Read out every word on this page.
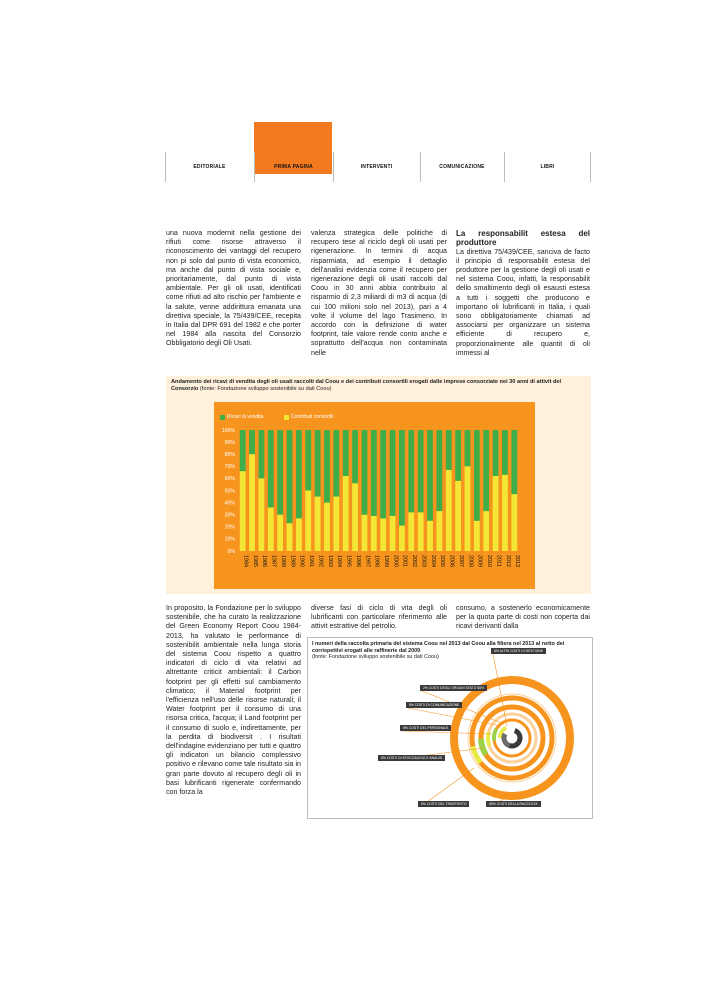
EDITORIALE	PRIMA PAGINA	INTERVENTI	COMUNICAZIONE	LIBRI

una nuova modernit nella gestione dei rifiuti come risorse attraverso il riconoscimento dei vantaggi del recupero non pi solo dal punto di vista economico, ma anche dal punto di vista sociale e, prioritariamente, dal punto di vista ambientale. Per gli oli usati, identificati come rifiuti ad alto rischio per l'ambiente e la salute, venne addirittura emanata una direttiva speciale, la 75/439/CEE, recepita in Italia dal DPR 691 del 1982 e che porter nel 1984 alla nascita del Consorzio Obbligatorio degli Oli Usati.

valenza strategica delle politiche di recupero tese al riciclo degli oli usati per rigenerazione. In termini di acqua risparmiata, ad esempio il dettaglio dell'analisi evidenzia come il recupero per rigenerazione degli oli usati raccolti dal Coou in 30 anni abbia contribuito al risparmio di 2,3 miliardi di m3 di acqua (di cui 100 milioni solo nel 2013), pari a 4 volte il volume del lago Trasimeno. In accordo con la definizione di water footprint, tale valore rende conto anche e soprattutto dell'acqua non contaminata nelle

La responsabilit estesa del produttore

La direttiva 75/439/CEE, sanciva de facto il principio di responsabilit estesa del produttore per la gestione degli oli usati e nel sistema Coou, infatti, la responsabilit dello smaltimento degli oli esausti estesa a tutti i soggetti che producono e importano oli lubrificanti in Italia, i quali sono obbligatoriamente chiamati ad associarsi per organizzare un sistema efficiente di recupero e, proporzionalmente alle quantit di oli immessi al

Andamento dei ricavi di vendita degli oli usati raccolti dal Coou e dei contributi consortili erogati dalle imprese consorziate nei 30 anni di attivit del Consorzio (fonte: Fondazione sviluppo sostenibile su dati Coou)
Ricavi di vendita	Contributi consortili
0%
10%
20%
30%
40%
50%
60%
70%
80%
90%
100%
1984 1985 1986 1987 1988 1989 1990 1991 1992 1993 1994 1995 1996 1997 1998 1999 2000 2001 2002 2003 2004 2005 2006 2007 2008 2009 2010 2011 2012 2013

In proposito, la Fondazione per lo sviluppo sostenibile, che ha curato la realizzazione del Green Economy Report Coou 1984-2013, ha valutato le performance di sostenibilit ambientale nella lunga storia del sistema Coou rispetto a quattro indicatori di ciclo di vita relativi ad altrettante criticit ambientali: il Carbon footprint per gli effetti sul cambiamento climatico; il Material footprint per l'efficienza nell'uso delle risorse naturali; il Water footprint per il consumo di una risorsa critica, l'acqua; il Land footprint per il consumo di suolo e, indirettamente, per la perdita di biodiversit . I risultati dell'indagine evidenziano per tutti e quattro gli indicatori un bilancio complessivo positivo e rilevano come tale risultato sia in gran parte dovuto al recupero degli oli in basi lubrificanti rigenerate confermando con forza la

diverse fasi di ciclo di vita degli oli lubrificanti con particolare riferimento alle attivit estrattive del petrolio.

consumo, a sostenerlo economicamente per la quota parte di costi non coperta dai ricavi derivanti dalla

I numeri della raccolta primaria del sistema Coou nel 2013 dal Coou alla filiera nel 2013 al netto dei corrispettivi erogati alle raffinerie dal 2009
(fonte: Fondazione sviluppo sostenibile su dati Coou)
6% ALTRI COSTI DI GESTIONE
2% COSTI DEGLI ORGANI STATUTARI
5% COSTI DI COMUNICAZIONE
5% COSTI DEL PERSONALE
8% COSTI DI STOCCAGGIO E ANALISI
6% COSTI DEL TRASPORTO	65% COSTI DELLA RACCOLTA
